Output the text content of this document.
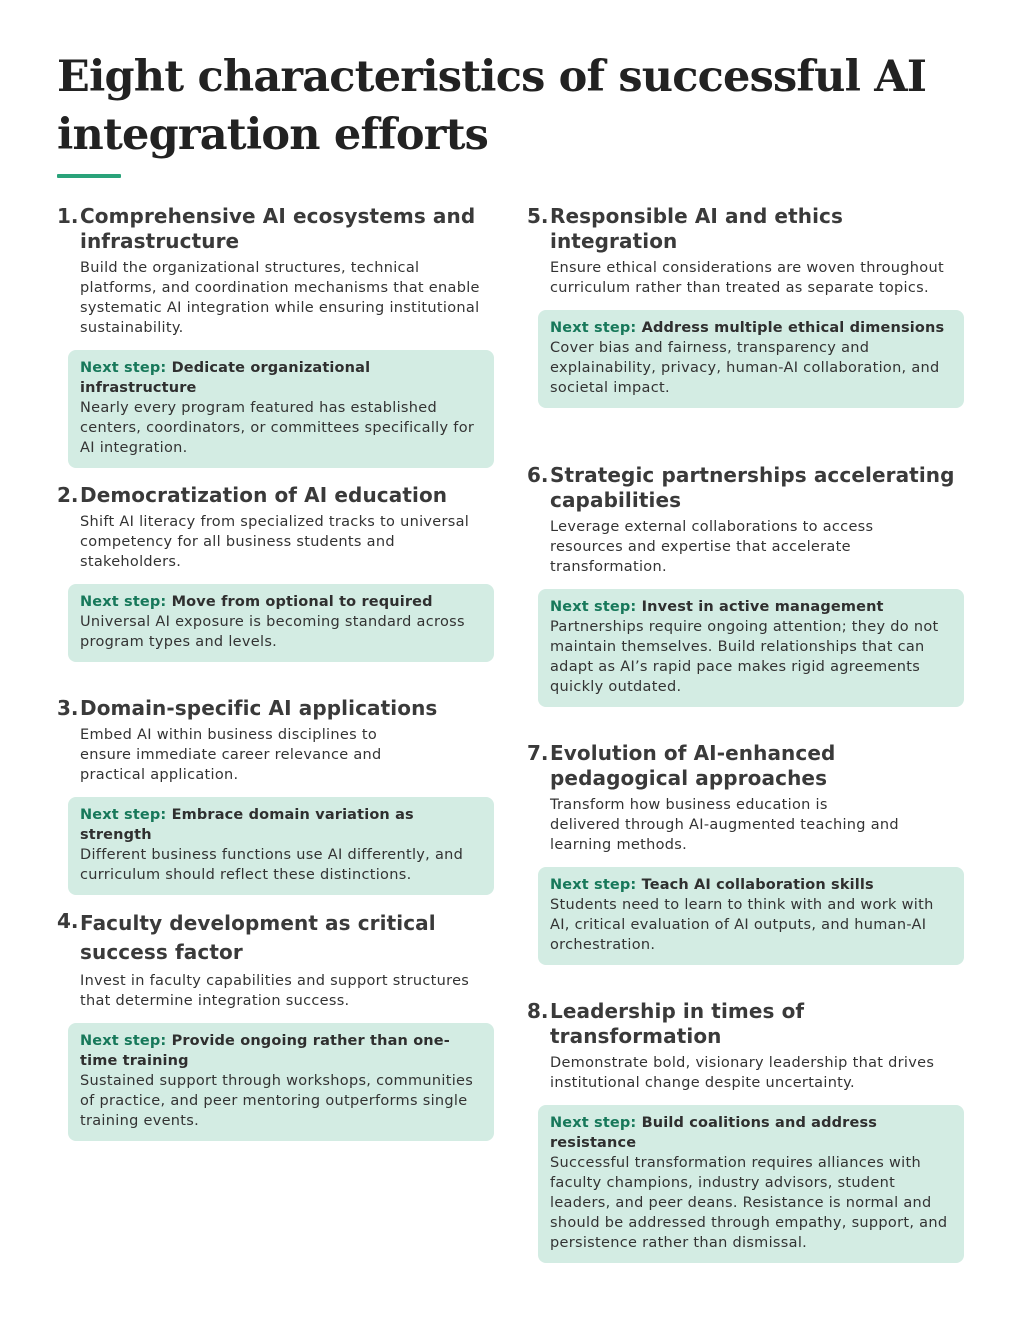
Eight characteristics of successful AI integration efforts
1. Comprehensive AI ecosystems and infrastructure

Build the organizational structures, technical platforms, and coordination mechanisms that enable systematic AI integration while ensuring institutional sustainability.

Next step: Dedicate organizational infrastructure
Nearly every program featured has established centers, coordinators, or committees specifically for AI integration.
2. Democratization of AI education

Shift AI literacy from specialized tracks to universal competency for all business students and stakeholders.

Next step: Move from optional to required
Universal AI exposure is becoming standard across program types and levels.
3. Domain-specific AI applications

Embed AI within business disciplines to ensure immediate career relevance and practical application.

Next step: Embrace domain variation as strength
Different business functions use AI differently, and curriculum should reflect these distinctions.
4. Faculty development as critical success factor

Invest in faculty capabilities and support structures that determine integration success.

Next step: Provide ongoing rather than one-time training
Sustained support through workshops, communities of practice, and peer mentoring outperforms single training events.
5. Responsible AI and ethics integration

Ensure ethical considerations are woven throughout curriculum rather than treated as separate topics.

Next step: Address multiple ethical dimensions
Cover bias and fairness, transparency and explainability, privacy, human-AI collaboration, and societal impact.
6. Strategic partnerships accelerating capabilities

Leverage external collaborations to access resources and expertise that accelerate transformation.

Next step: Invest in active management
Partnerships require ongoing attention; they do not maintain themselves. Build relationships that can adapt as AI’s rapid pace makes rigid agreements quickly outdated.
7. Evolution of AI-enhanced pedagogical approaches

Transform how business education is delivered through AI-augmented teaching and learning methods.

Next step: Teach AI collaboration skills
Students need to learn to think with and work with AI, critical evaluation of AI outputs, and human-AI orchestration.
8. Leadership in times of transformation

Demonstrate bold, visionary leadership that drives institutional change despite uncertainty.

Next step: Build coalitions and address resistance
Successful transformation requires alliances with faculty champions, industry advisors, student leaders, and peer deans. Resistance is normal and should be addressed through empathy, support, and persistence rather than dismissal.
